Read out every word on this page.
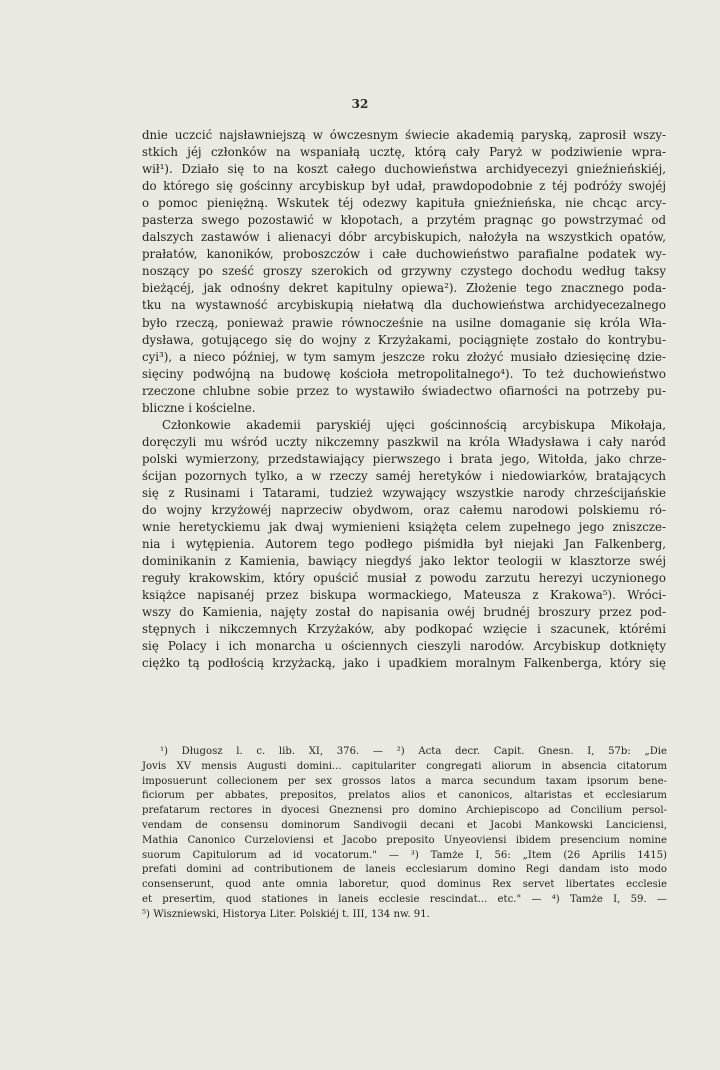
32
dnie uczcić najsławniejszą w ówczesnym świecie akademią paryską, zaprosił wszy-
stkich jéj członków na wspaniałą ucztę, którą cały Paryż w podziwienie wpra-
wił¹). Działo się to na koszt całego duchowieństwa archidyecezyi gnieźnieńskiéj,
do którego się gościnny arcybiskup był udał, prawdopodobnie z téj podróży swojéj
o pomoc pieniężną. Wskutek téj odezwy kapituła gnieźnieńska, nie chcąc arcy-
pasterza swego pozostawić w kłopotach, a przytém pragnąc go powstrzymać od
dalszych zastawów i alienacyi dóbr arcybiskupich, nałożyła na wszystkich opatów,
prałatów, kanoników, proboszczów i całe duchowieństwo parafialne podatek wy-
noszący po sześć groszy szerokich od grzywny czystego dochodu według taksy
bieżącéj, jak odnośny dekret kapitulny opiewa²). Złożenie tego znacznego poda-
tku na wystawność arcybiskupią niełatwą dla duchowieństwa archidyecezalnego
było rzeczą, ponieważ prawie równocześnie na usilne domaganie się króla Wła-
dysława, gotującego się do wojny z Krzyżakami, pociągnięte zostało do kontrybu-
cyi³), a nieco później, w tym samym jeszcze roku złożyć musiało dziesięcinę dzie-
sięciny podwójną na budowę kościoła metropolitalnego⁴). To też duchowieństwo
rzeczone chlubne sobie przez to wystawiło świadectwo ofiarności na potrzeby pu-
bliczne i kościelne.
Członkowie akademii paryskiéj ujęci gościnnością arcybiskupa Mikołaja,
doręczyli mu wśród uczty nikczemny paszkwil na króla Władysława i cały naród
polski wymierzony, przedstawiający pierwszego i brata jego, Witołda, jako chrze-
ścijan pozornych tylko, a w rzeczy saméj heretyków i niedowiarków, bratających
się z Rusinami i Tatarami, tudzież wzywający wszystkie narody chrześcijańskie
do wojny krzyżowéj naprzeciw obydwom, oraz całemu narodowi polskiemu ró-
wnie heretyckiemu jak dwaj wymienieni książęta celem zupełnego jego zniszcze-
nia i wytępienia. Autorem tego podłego piśmidła był niejaki Jan Falkenberg,
dominikanin z Kamienia, bawiący niegdyś jako lektor teologii w klasztorze swéj
reguły krakowskim, który opuścić musiał z powodu zarzutu herezyi uczynionego
książce napisanéj przez biskupa wormackiego, Mateusza z Krakowa⁵). Wróci-
wszy do Kamienia, najęty został do napisania owéj brudnéj broszury przez pod-
stępnych i nikczemnych Krzyżaków, aby podkopać wzięcie i szacunek, którémi
się Polacy i ich monarcha u ościennych cieszyli narodów. Arcybiskup dotknięty
ciężko tą podłością krzyżacką, jako i upadkiem moralnym Falkenberga, który się
¹) Długosz l. c. lib. XI, 376. — ²) Acta decr. Capit. Gnesn. I, 57b: „Die
Jovis XV mensis Augusti domini... capitulariter congregati aliorum in absencia citatorum
imposuerunt collecionem per sex grossos latos a marca secundum taxam ipsorum bene-
ficiorum per abbates, prepositos, prelatos alios et canonicos, altaristas et ecclesiarum
prefatarum rectores in dyocesi Gneznensi pro domino Archiepiscopo ad Concilium persol-
vendam de consensu dominorum Sandivogii decani et Jacobi Mankowski Lanciciensi,
Mathia Canonico Curzeloviensi et Jacobo preposito Unyeoviensi ibidem presencium nomine
suorum Capitulorum ad id vocatorum." — ³) Tamże I, 56: „Item (26 Aprilis 1415)
prefati domini ad contributionem de laneis ecclesiarum domino Regi dandam isto modo
consenserunt, quod ante omnia laboretur, quod dominus Rex servet libertates ecclesie
et presertim, quod stationes in laneis ecclesie rescindat... etc." — ⁴) Tamże I, 59. —
⁵) Wiszniewski, Historya Liter. Polskiéj t. III, 134 nw. 91.
